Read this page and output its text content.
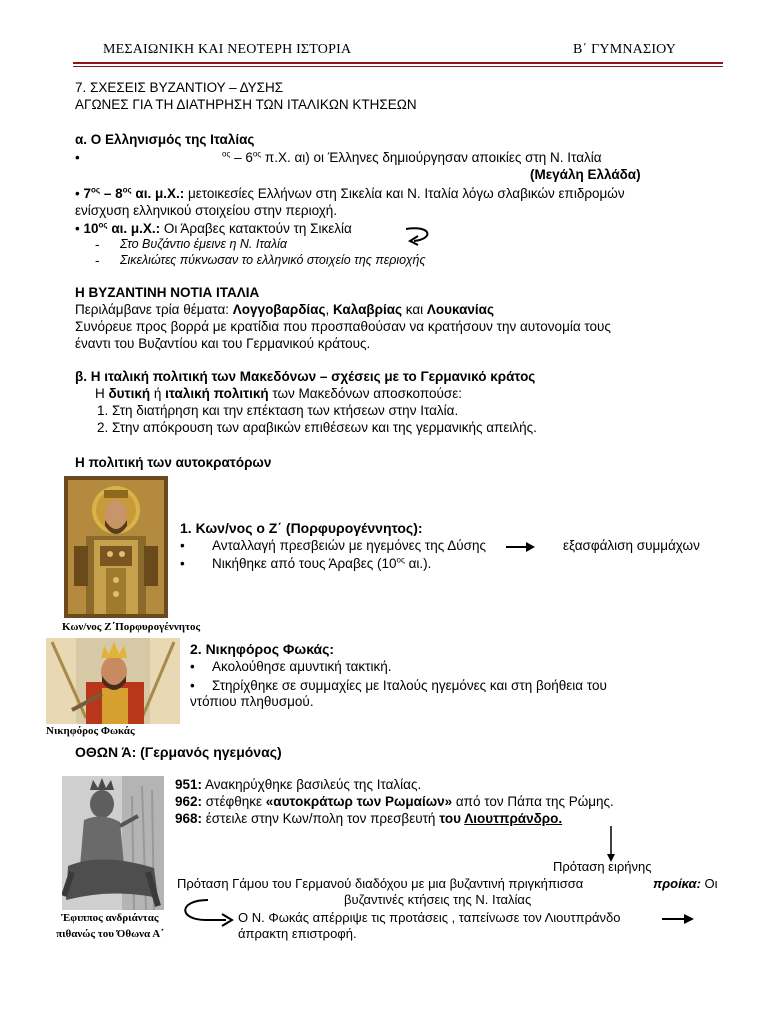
ΜΕΣΑΙΩΝΙΚΗ ΚΑΙ ΝΕΟΤΕΡΗ ΙΣΤΟΡΙΑ	Β΄ ΓΥΜΝΑΣΙΟΥ
7. ΣΧΕΣΕΙΣ ΒΥΖΑΝΤΙΟΥ – ΔΥΣΗΣ
ΑΓΩΝΕΣ ΓΙΑ ΤΗ ΔΙΑΤΗΡΗΣΗ ΤΩΝ ΙΤΑΛΙΚΩΝ ΚΤΗΣΕΩΝ
α. Ο Ελληνισμός της Ιταλίας
•	$^{o\varsigma} - 6^{o\varsigma}$ π.Χ. αι) οι Έλληνες δημιούργησαν αποικίες στη Ν. Ιταλία
(Μεγάλη Ελλάδα)
• $7^{o\varsigma} - 8^{o\varsigma}$ αι. μ.Χ.: μετοικεσίες Ελλήνων στη Σικελία και Ν. Ιταλία λόγω σλαβικών επιδρομών
ενίσχυση ελληνικού στοιχείου στην περιοχή.
• $10^{o\varsigma}$ αι. μ.Χ.: Οι Άραβες κατακτούν τη Σικελία
- Στο Βυζάντιο έμεινε η Ν. Ιταλία
- Σικελιώτες πύκνωσαν το ελληνικό στοιχείο της περιοχής
Η ΒΥΖΑΝΤΙΝΗ ΝΟΤΙΑ ΙΤΑΛΙΑ
Περιλάμβανε τρία θέματα: Λογγοβαρδίας, Καλαβρίας και Λουκανίας
Συνόρευε προς βορρά με κρατίδια που προσπαθούσαν να κρατήσουν την αυτονομία τους
έναντι του Βυζαντίου και του Γερμανικού κράτους.
β. Η ιταλική πολιτική των Μακεδόνων – σχέσεις με το Γερμανικό κράτος
Η δυτική ή ιταλική πολιτική των Μακεδόνων αποσκοπούσε:
1. Στη διατήρηση και την επέκταση των κτήσεων στην Ιταλία.
2. Στην απόκρουση των αραβικών επιθέσεων και της γερμανικής απειλής.
Η πολιτική των αυτοκρατόρων
Κων/νος Ζ΄Πορφυρογέννητος
1. Κων/νος ο Ζ΄ (Πορφυρογέννητος):
• Ανταλλαγή πρεσβειών με ηγεμόνες της Δύσης	εξασφάλιση συμμάχων
• Νικήθηκε από τους Άραβες ($10^{o\varsigma}$ αι.).
Νικηφόρος Φωκάς
2. Νικηφόρος Φωκάς:
• Ακολούθησε αμυντική τακτική.
• Στηρίχθηκε σε συμμαχίες με Ιταλούς ηγεμόνες και στη βοήθεια του
ντόπιου πληθυσμού.
ΟΘΩΝ Ά: (Γερμανός ηγεμόνας)
Έφιππος ανδριάντας
πιθανώς του Όθωνα Α΄
951: Ανακηρύχθηκε βασιλεύς της Ιταλίας.
962: στέφθηκε «αυτοκράτωρ των Ρωμαίων» από τον Πάπα της Ρώμης.
968: έστειλε στην Κων/πολη τον πρεσβευτή του Λιουτπράνδρο.
Πρόταση ειρήνης
Πρόταση Γάμου του Γερμανού διαδόχου με μια βυζαντινή πριγκήπισσα	προίκα: Οι
βυζαντινές κτήσεις της Ν. Ιταλίας
Ο Ν. Φωκάς απέρριψε τις προτάσεις , ταπείνωσε τον Λιουτπράνδο
άπρακτη επιστροφή.
